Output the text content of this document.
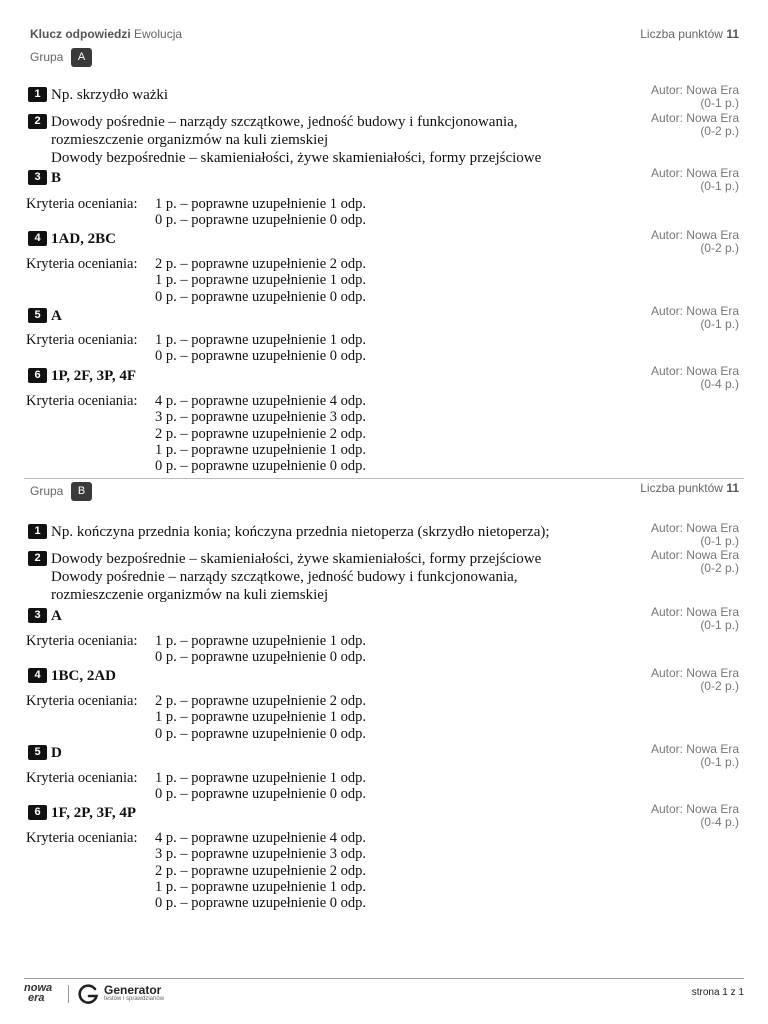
Klucz odpowiedzi Ewolucja	Liczba punktów 11
Grupa	A
1 Np. skrzydło ważki	Autor: Nowa Era
(0-1 p.)
2 Dowody pośrednie – narządy szczątkowe, jedność budowy i funkcjonowania,
rozmieszczenie organizmów na kuli ziemskiej
Dowody bezpośrednie – skamieniałości, żywe skamieniałości, formy przejściowe
Autor: Nowa Era
(0-2 p.)
3 B	Autor: Nowa Era
(0-1 p.)
Kryteria oceniania: 1 p. – poprawne uzupełnienie 1 odp.
0 p. – poprawne uzupełnienie 0 odp.
4 1AD, 2BC	Autor: Nowa Era
(0-2 p.)
Kryteria oceniania: 2 p. – poprawne uzupełnienie 2 odp.
1 p. – poprawne uzupełnienie 1 odp.
0 p. – poprawne uzupełnienie 0 odp.
5 A	Autor: Nowa Era
(0-1 p.)
Kryteria oceniania: 1 p. – poprawne uzupełnienie 1 odp.
0 p. – poprawne uzupełnienie 0 odp.
6 1P, 2F, 3P, 4F	Autor: Nowa Era
(0-4 p.)
Kryteria oceniania: 4 p. – poprawne uzupełnienie 4 odp.
3 p. – poprawne uzupełnienie 3 odp.
2 p. – poprawne uzupełnienie 2 odp.
1 p. – poprawne uzupełnienie 1 odp.
0 p. – poprawne uzupełnienie 0 odp.
Grupa	B	Liczba punktów 11
1 Np. kończyna przednia konia; kończyna przednia nietoperza (skrzydło nietoperza);	Autor: Nowa Era
(0-1 p.)
2 Dowody bezpośrednie – skamieniałości, żywe skamieniałości, formy przejściowe
Dowody pośrednie – narządy szczątkowe, jedność budowy i funkcjonowania,
rozmieszczenie organizmów na kuli ziemskiej
Autor: Nowa Era
(0-2 p.)
3 A	Autor: Nowa Era
(0-1 p.)
Kryteria oceniania: 1 p. – poprawne uzupełnienie 1 odp.
0 p. – poprawne uzupełnienie 0 odp.
4 1BC, 2AD	Autor: Nowa Era
(0-2 p.)
Kryteria oceniania: 2 p. – poprawne uzupełnienie 2 odp.
1 p. – poprawne uzupełnienie 1 odp.
0 p. – poprawne uzupełnienie 0 odp.
5 D	Autor: Nowa Era
(0-1 p.)
Kryteria oceniania: 1 p. – poprawne uzupełnienie 1 odp.
0 p. – poprawne uzupełnienie 0 odp.
6 1F, 2P, 3F, 4P	Autor: Nowa Era
(0-4 p.)
Kryteria oceniania: 4 p. – poprawne uzupełnienie 4 odp.
3 p. – poprawne uzupełnienie 3 odp.
2 p. – poprawne uzupełnienie 2 odp.
1 p. – poprawne uzupełnienie 1 odp.
0 p. – poprawne uzupełnienie 0 odp.
nowa
era
Generator
testów i sprawdzianów
strona 1 z 1
